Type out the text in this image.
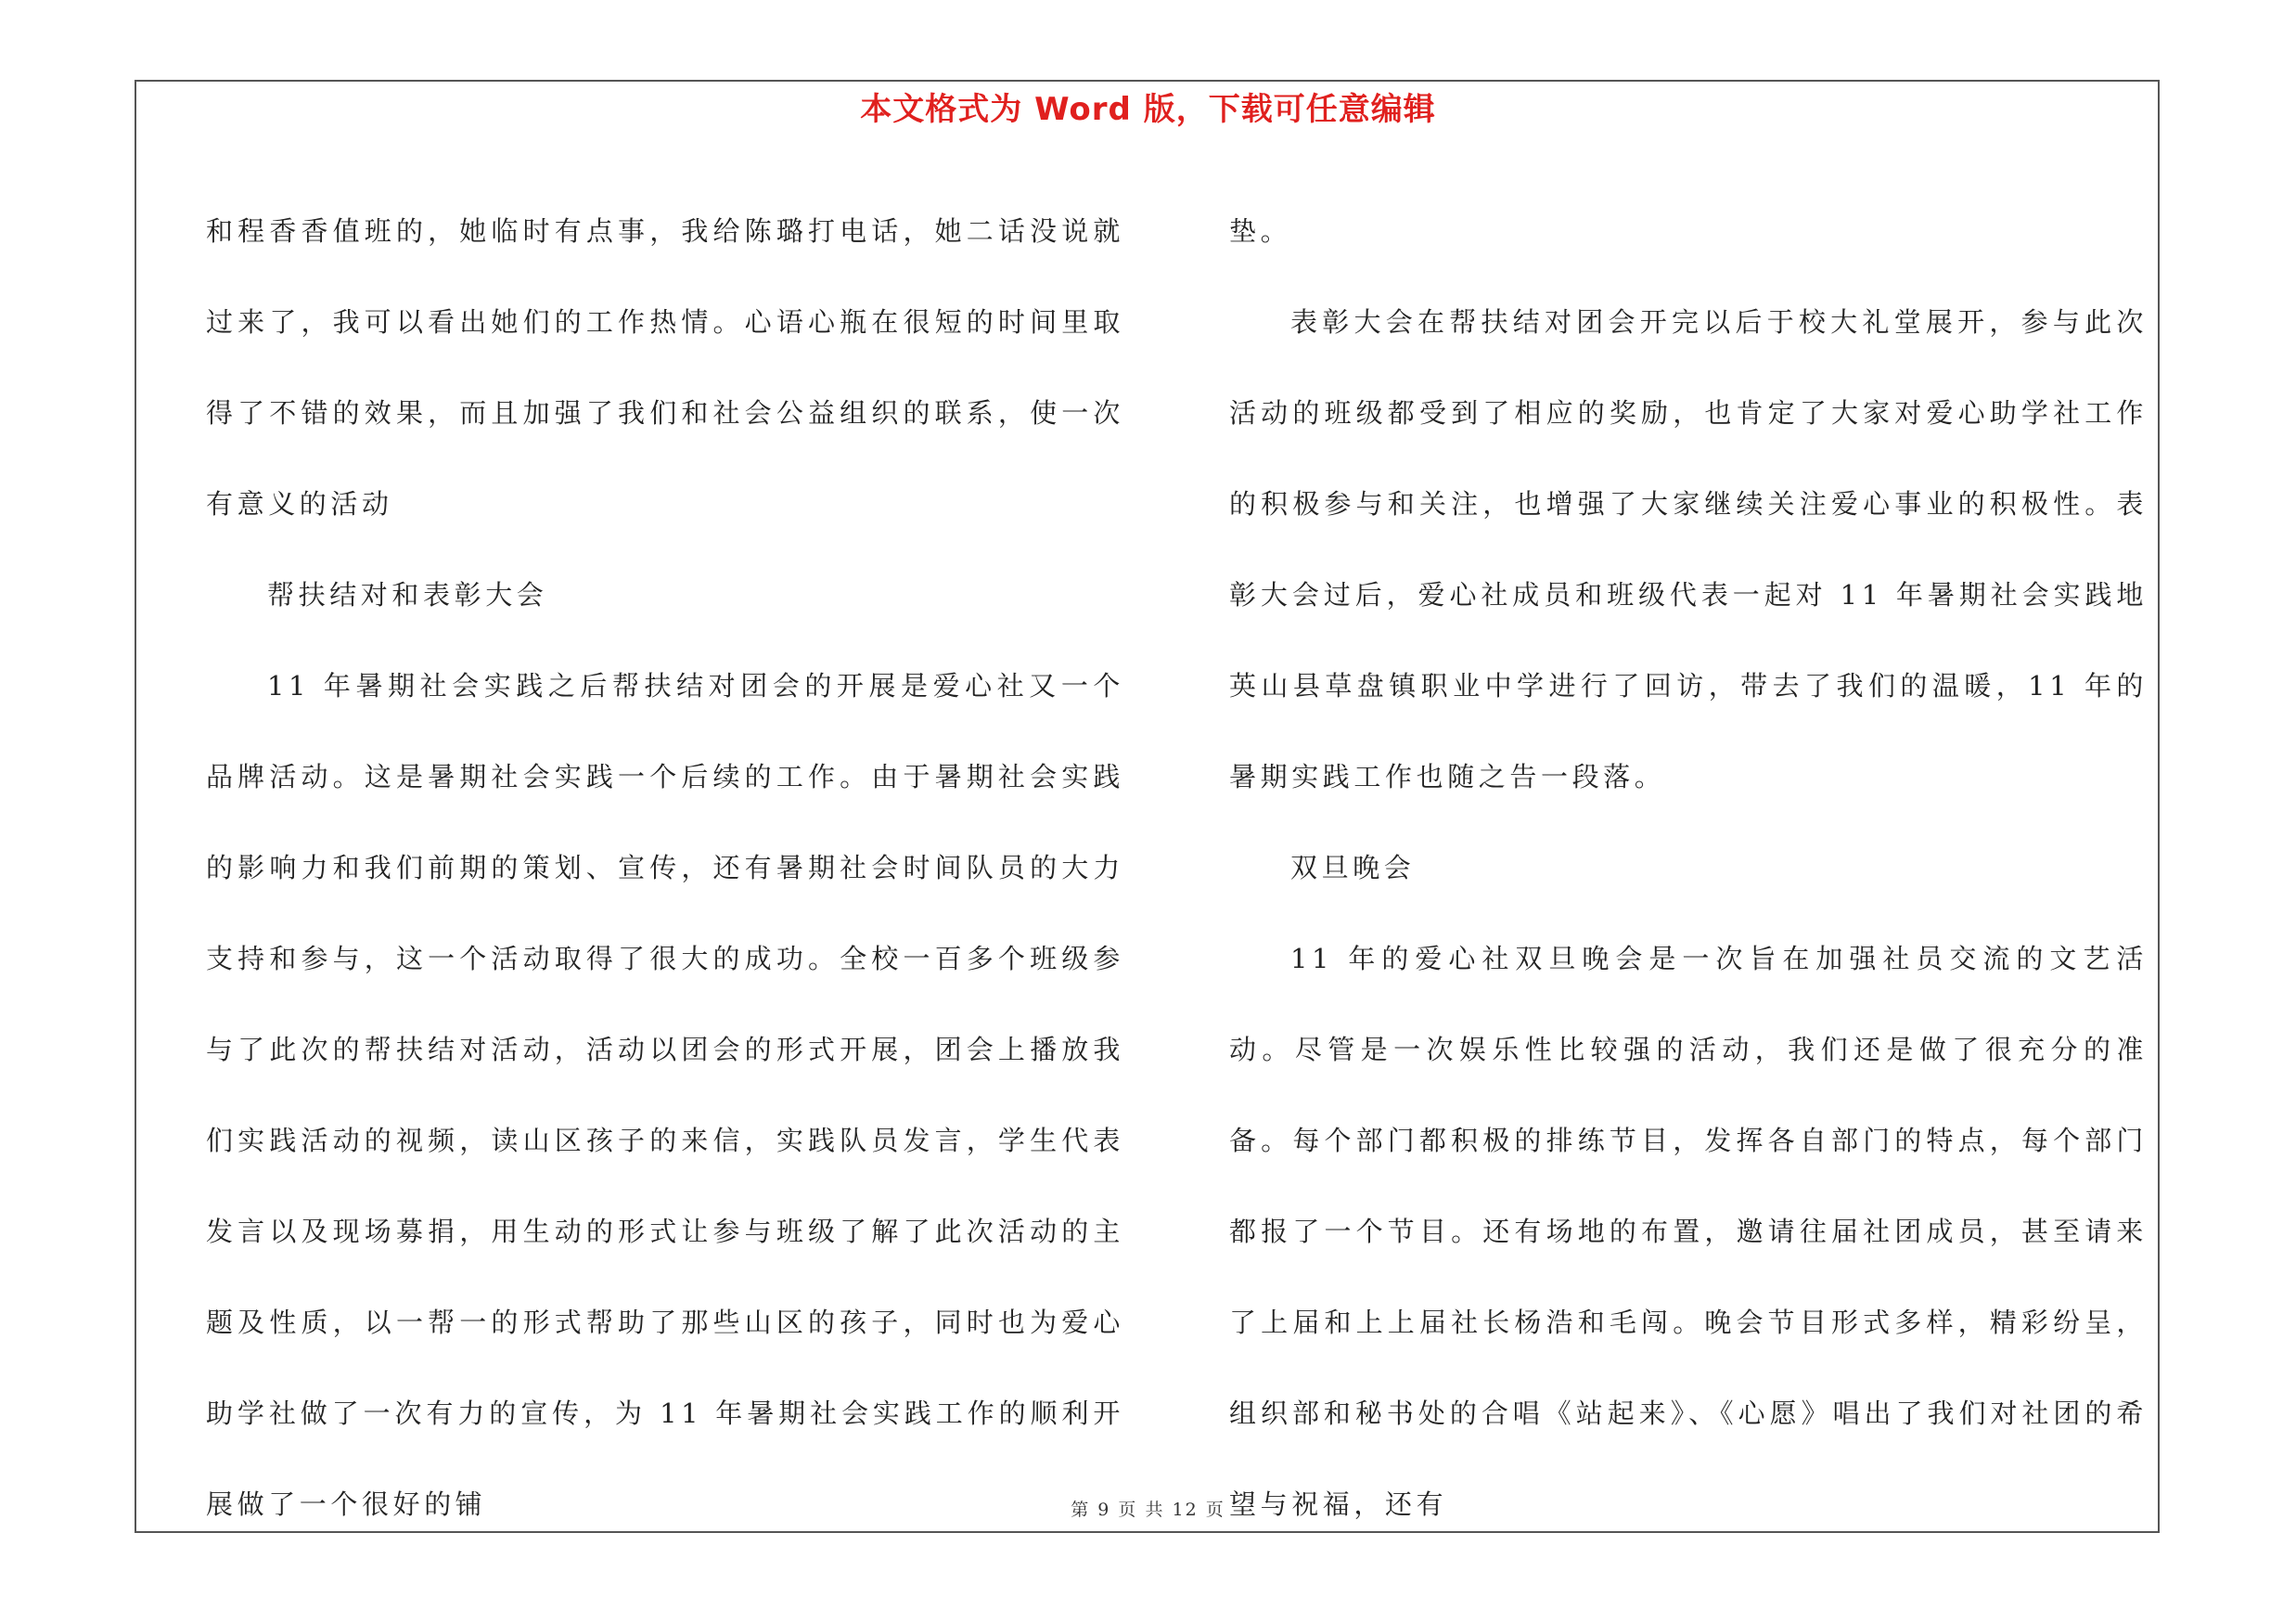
本文格式为 Word 版，下载可任意编辑

和程香香值班的，她临时有点事，我给陈璐打电话，她二话没说就过来了，我可以看出她们的工作热情。心语心瓶在很短的时间里取得了不错的效果，而且加强了我们和社会公益组织的联系，使一次有意义的活动

帮扶结对和表彰大会

11 年暑期社会实践之后帮扶结对团会的开展是爱心社又一个品牌活动。这是暑期社会实践一个后续的工作。由于暑期社会实践的影响力和我们前期的策划、宣传，还有暑期社会时间队员的大力支持和参与，这一个活动取得了很大的成功。全校一百多个班级参与了此次的帮扶结对活动，活动以团会的形式开展，团会上播放我们实践活动的视频，读山区孩子的来信，实践队员发言，学生代表发言以及现场募捐，用生动的形式让参与班级了解了此次活动的主题及性质，以一帮一的形式帮助了那些山区的孩子，同时也为爱心助学社做了一次有力的宣传，为 11 年暑期社会实践工作的顺利开展做了一个很好的铺

垫。

表彰大会在帮扶结对团会开完以后于校大礼堂展开，参与此次活动的班级都受到了相应的奖励，也肯定了大家对爱心助学社工作的积极参与和关注，也增强了大家继续关注爱心事业的积极性。表彰大会过后，爱心社成员和班级代表一起对 11 年暑期社会实践地英山县草盘镇职业中学进行了回访，带去了我们的温暖，11 年的暑期实践工作也随之告一段落。

双旦晚会

11 年的爱心社双旦晚会是一次旨在加强社员交流的文艺活动。尽管是一次娱乐性比较强的活动，我们还是做了很充分的准备。每个部门都积极的排练节目，发挥各自部门的特点，每个部门都报了一个节目。还有场地的布置，邀请往届社团成员，甚至请来了上届和上上届社长杨浩和毛闯。晚会节目形式多样，精彩纷呈，组织部和秘书处的合唱《站起来》、《心愿》唱出了我们对社团的希望与祝福，还有

第 9 页 共 12 页
